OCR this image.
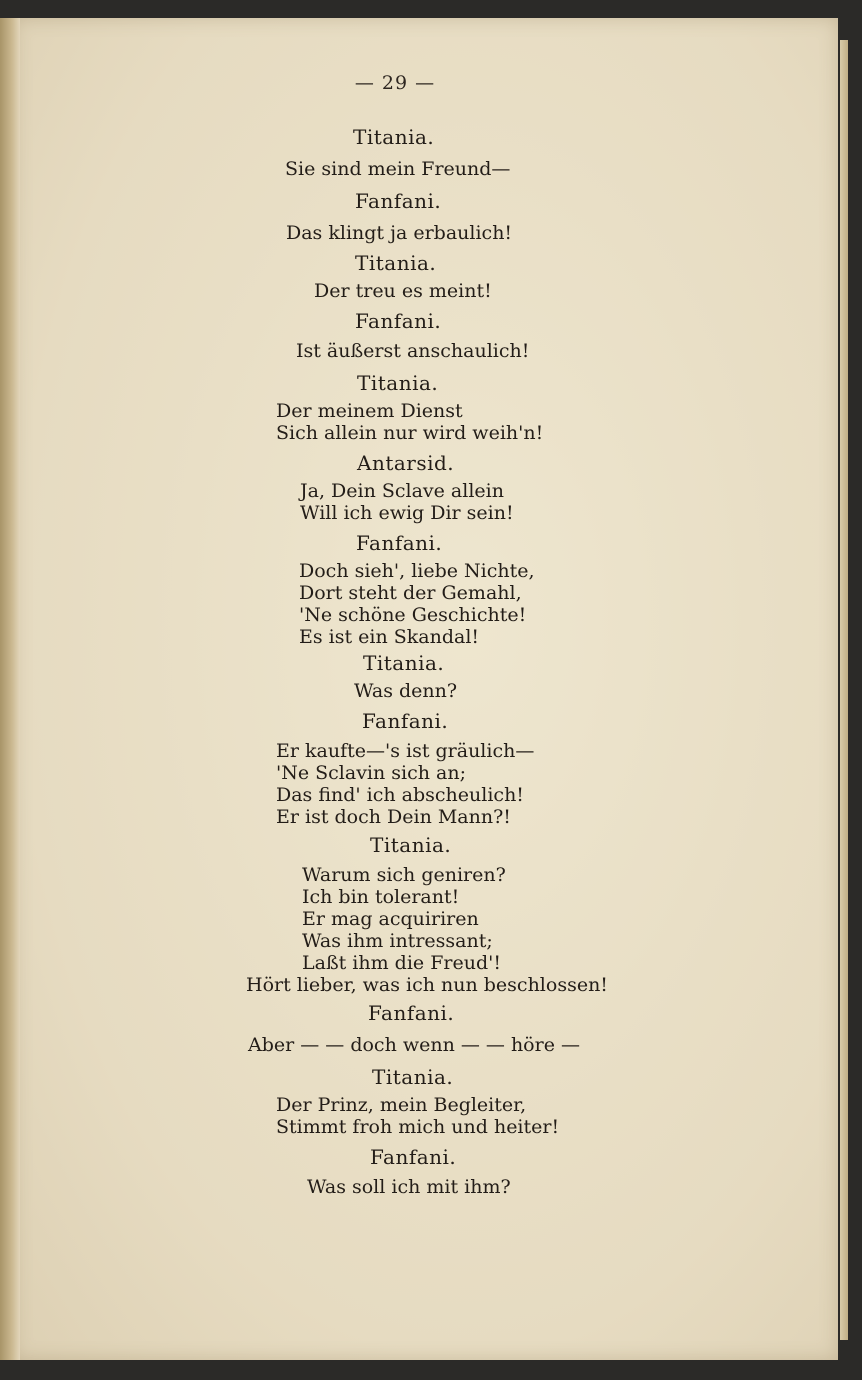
— 29 —
Titania.
Sie sind mein Freund—
Fanfani.
Das klingt ja erbaulich!
Titania.
Der treu es meint!
Fanfani.
Ist äußerst anschaulich!
Titania.
Der meinem Dienst
Sich allein nur wird weih'n!
Antarsid.
Ja, Dein Sclave allein
Will ich ewig Dir sein!
Fanfani.
Doch sieh', liebe Nichte,
Dort steht der Gemahl,
'Ne schöne Geschichte!
Es ist ein Skandal!
Titania.
Was denn?
Fanfani.
Er kaufte—'s ist gräulich—
'Ne Sclavin sich an;
Das find' ich abscheulich!
Er ist doch Dein Mann?!
Titania.
Warum sich geniren?
Ich bin tolerant!
Er mag acquiriren
Was ihm intressant;
Laßt ihm die Freud'!
Hört lieber, was ich nun beschlossen!
Fanfani.
Aber — — doch wenn — — höre —
Titania.
Der Prinz, mein Begleiter,
Stimmt froh mich und heiter!
Fanfani.
Was soll ich mit ihm?
